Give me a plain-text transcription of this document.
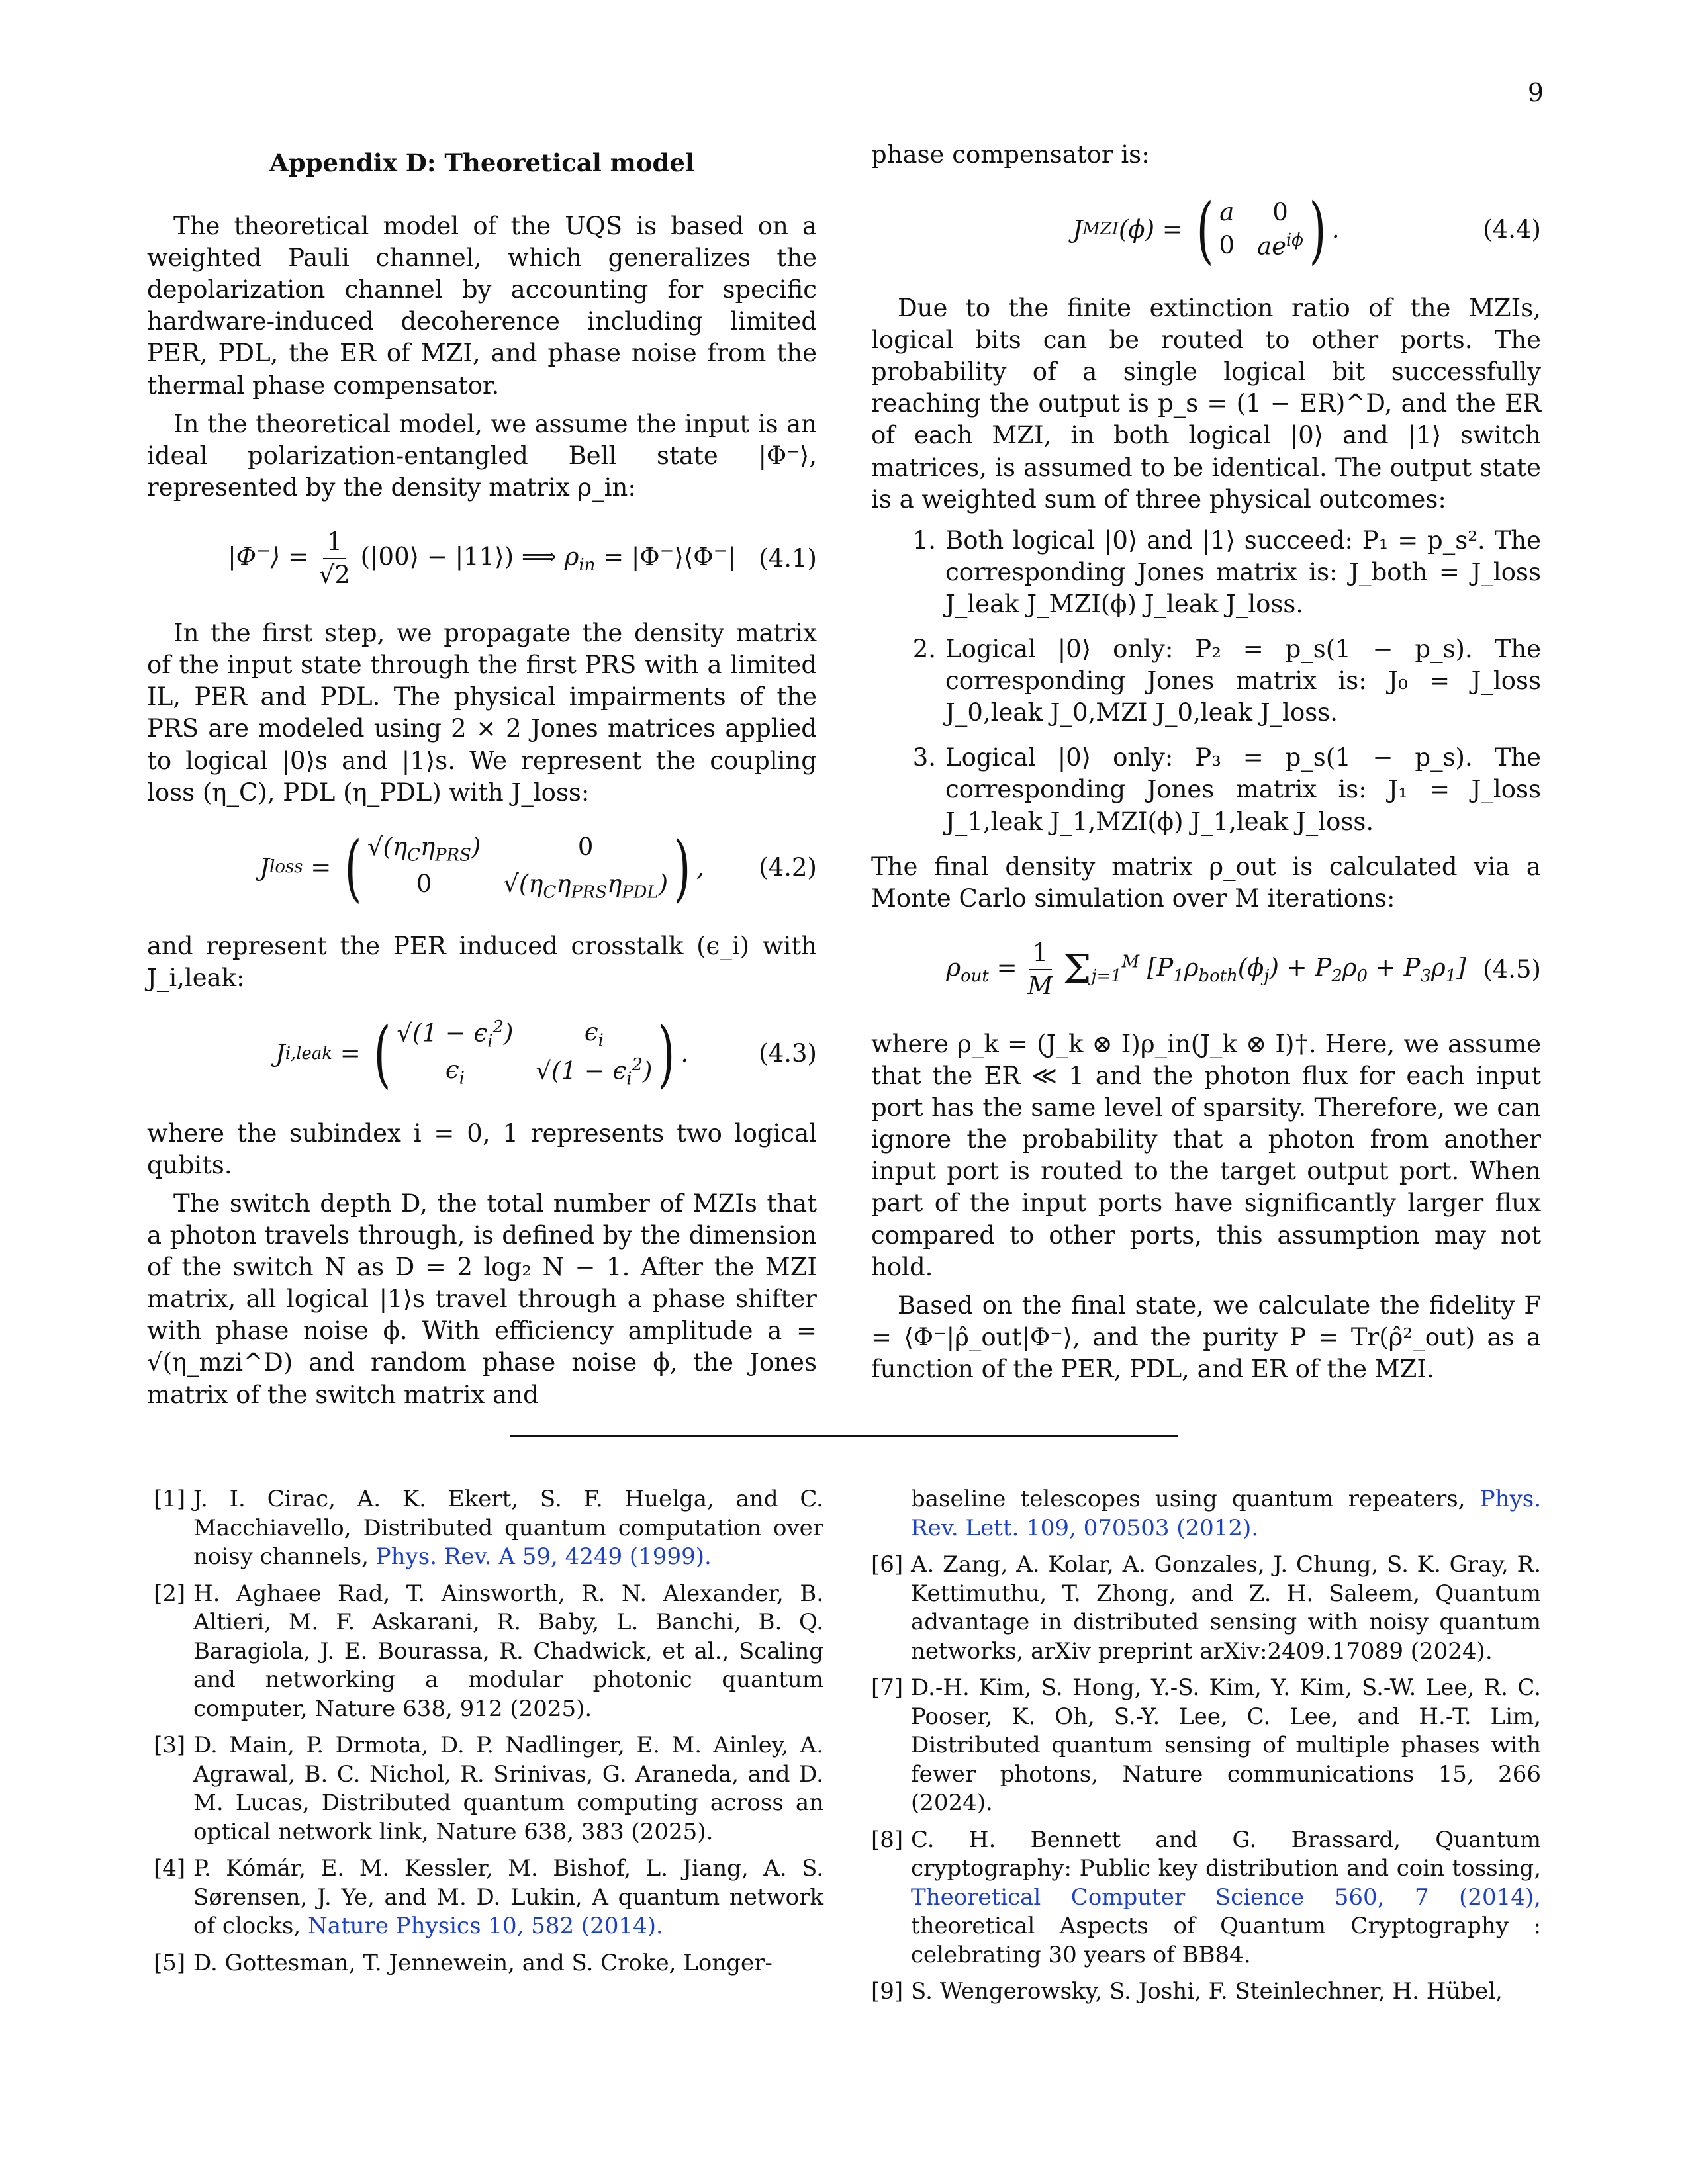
9
Appendix D: Theoretical model

The theoretical model of the UQS is based on a weighted Pauli channel, which generalizes the depolarization channel by accounting for specific hardware-induced decoherence including limited PER, PDL, the ER of MZI, and phase noise from the thermal phase compensator.

In the theoretical model, we assume the input is an ideal polarization-entangled Bell state |Φ⁻⟩, represented by the density matrix ρ_in:

|Φ−⟩ = $\frac{1}{√2}$ (|00⟩ − |11⟩) ⟹ $\rho_{in}$ = |Φ−⟩⟨Φ−| (4.1)

In the first step, we propagate the density matrix of the input state through the first PRS with a limited IL, PER and PDL. The physical impairments of the PRS are modeled using 2 × 2 Jones matrices applied to logical |0⟩s and |1⟩s. We represent the coupling loss (η_C), PDL (η_PDL) with J_loss:

J loss = ( $√(\eta_C\eta_{PRS})$	0
0	$√(\eta_C\eta_{PRS}\eta_{PDL})$ ) , (4.2)

and represent the PER induced crosstalk (ϵ_i) with J_i,leak:

J i,leak = ( $√(1 - \epsilon_i^2)$	$\epsilon_i$
$\epsilon_i$	$√(1 - \epsilon_i^2)$ ) .	(4.3)

where the subindex i = 0, 1 represents two logical qubits.

The switch depth D, the total number of MZIs that a photon travels through, is defined by the dimension of the switch N as D = 2 log₂ N − 1. After the MZI matrix, all logical |1⟩s travel through a phase shifter with phase noise ϕ. With efficiency amplitude a = √(η_mzi^D) and random phase noise ϕ, the Jones matrix of the switch matrix and

phase compensator is:

J MZI (ϕ) = ( a	0
0 $ae^{i\phi}$ ) .	(4.4)

Due to the finite extinction ratio of the MZIs, logical bits can be routed to other ports. The probability of a single logical bit successfully reaching the output is p_s = (1 − ER)^D, and the ER of each MZI, in both logical |0⟩ and |1⟩ switch matrices, is assumed to be identical. The output state is a weighted sum of three physical outcomes:

1. Both logical |0⟩ and |1⟩ succeed: P₁ = p_s². The corresponding Jones matrix is: J_both = J_loss J_leak J_MZI(ϕ) J_leak J_loss.
2. Logical |0⟩ only: P₂ = p_s(1 − p_s). The corresponding Jones matrix is: J₀ = J_loss J_0,leak J_0,MZI J_0,leak J_loss.
3. Logical |0⟩ only: P₃ = p_s(1 − p_s). The corresponding Jones matrix is: J₁ = J_loss J_1,leak J_1,MZI(ϕ) J_1,leak J_loss.

The final density matrix ρ_out is calculated via a Monte Carlo simulation over M iterations:

$\rho_{out} = \frac{1}{M} \Sigma_{j=1}^M$ $[P_1\rho_{both}(\phi_j) + P_2\rho_0 + P_3\rho_1]$ (4.5)

where ρ_k = (J_k ⊗ I)ρ_in(J_k ⊗ I)†. Here, we assume that the ER ≪ 1 and the photon flux for each input port has the same level of sparsity. Therefore, we can ignore the probability that a photon from another input port is routed to the target output port. When part of the input ports have significantly larger flux compared to other ports, this assumption may not hold.

Based on the final state, we calculate the fidelity F = ⟨Φ⁻|ρ̂_out|Φ⁻⟩, and the purity P = Tr(ρ̂²_out) as a function of the PER, PDL, and ER of the MZI.

[1] J. I. Cirac, A. K. Ekert, S. F. Huelga, and C. Macchiavello, Distributed quantum computation over noisy channels, Phys. Rev. A 59, 4249 (1999).
[2] H. Aghaee Rad, T. Ainsworth, R. N. Alexander, B. Altieri, M. F. Askarani, R. Baby, L. Banchi, B. Q. Baragiola, J. E. Bourassa, R. Chadwick, et al., Scaling and networking a modular photonic quantum computer, Nature 638, 912 (2025).
[3] D. Main, P. Drmota, D. P. Nadlinger, E. M. Ainley, A. Agrawal, B. C. Nichol, R. Srinivas, G. Araneda, and D. M. Lucas, Distributed quantum computing across an optical network link, Nature 638, 383 (2025).
[4] P. Kómár, E. M. Kessler, M. Bishof, L. Jiang, A. S. Sørensen, J. Ye, and M. D. Lukin, A quantum network of clocks, Nature Physics 10, 582 (2014).
[5] D. Gottesman, T. Jennewein, and S. Croke, Longer-
baseline telescopes using quantum repeaters, Phys. Rev. Lett. 109, 070503 (2012).
[6] A. Zang, A. Kolar, A. Gonzales, J. Chung, S. K. Gray, R. Kettimuthu, T. Zhong, and Z. H. Saleem, Quantum advantage in distributed sensing with noisy quantum networks, arXiv preprint arXiv:2409.17089 (2024).
[7] D.-H. Kim, S. Hong, Y.-S. Kim, Y. Kim, S.-W. Lee, R. C. Pooser, K. Oh, S.-Y. Lee, C. Lee, and H.-T. Lim, Distributed quantum sensing of multiple phases with fewer photons, Nature communications 15, 266 (2024).
[8] C. H. Bennett and G. Brassard, Quantum cryptography: Public key distribution and coin tossing, Theoretical Computer Science 560, 7 (2014), theoretical Aspects of Quantum Cryptography : celebrating 30 years of BB84.
[9] S. Wengerowsky, S. Joshi, F. Steinlechner, H. Hübel,
